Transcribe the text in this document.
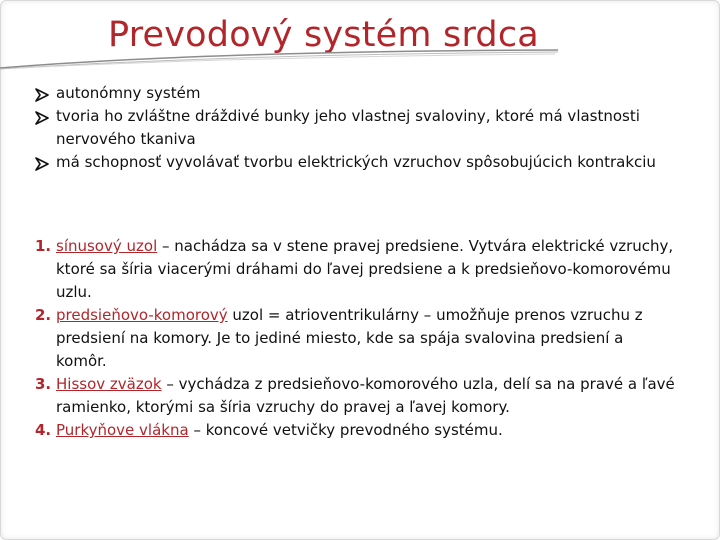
Prevodový systém srdca
autonómny systém
tvoria ho zvláštne dráždivé bunky jeho vlastnej svaloviny, ktoré má vlastnosti nervového tkaniva
má schopnosť vyvolávať tvorbu elektrických vzruchov spôsobujúcich kontrakciu
1. sínusový uzol – nachádza sa v stene pravej predsiene. Vytvára elektrické vzruchy, ktoré sa šíria viacerými dráhami do ľavej predsiene a k predsieňovo-komorovému uzlu.
2. predsieňovo-komorový uzol = atrioventrikulárny – umožňuje prenos vzruchu z predsiení na komory. Je to jediné miesto, kde sa spája svalovina predsiení a komôr.
3. Hissov zväzok – vychádza z predsieňovo-komorového uzla, delí sa na pravé a ľavé ramienko, ktorými sa šíria vzruchy do pravej a ľavej komory.
4. Purkyňove vlákna – koncové vetvičky prevodného systému.
